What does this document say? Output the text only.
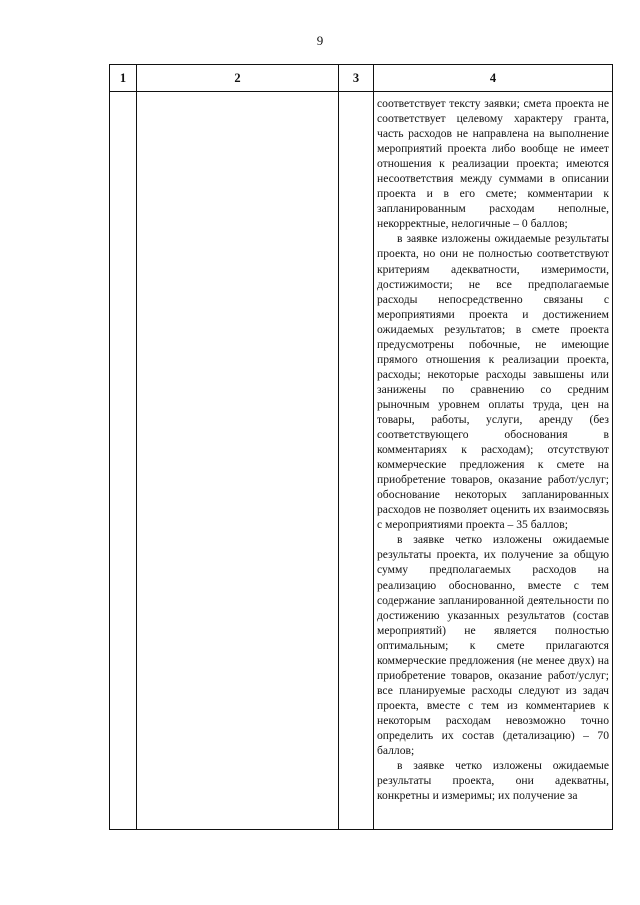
9
1	2	3	4

			соответствует тексту заявки; смета проекта не соответствует целевому характеру гранта, часть расходов не направлена на выполнение мероприятий проекта либо вообще не имеет отношения к реализации проекта; имеются несоответствия между суммами в описании проекта и в его смете; комментарии к запланированным расходам неполные, некорректные, нелогичные – 0 баллов;

в заявке изложены ожидаемые результаты проекта, но они не полностью соответствуют критериям адекватности, измеримости, достижимости; не все предполагаемые расходы непосредственно связаны с мероприятиями проекта и достижением ожидаемых результатов; в смете проекта предусмотрены побочные, не имеющие прямого отношения к реализации проекта, расходы; некоторые расходы завышены или занижены по сравнению со средним рыночным уровнем оплаты труда, цен на товары, работы, услуги, аренду (без соответствующего обоснования в комментариях к расходам); отсутствуют коммерческие предложения к смете на приобретение товаров, оказание работ/услуг; обоснование некоторых запланированных расходов не позволяет оценить их взаимосвязь с мероприятиями проекта – 35 баллов;

в заявке четко изложены ожидаемые результаты проекта, их получение за общую сумму предполагаемых расходов на реализацию обоснованно, вместе с тем содержание запланированной деятельности по достижению указанных результатов (состав мероприятий) не является полностью оптимальным; к смете прилагаются коммерческие предложения (не менее двух) на приобретение товаров, оказание работ/услуг; все планируемые расходы следуют из задач проекта, вместе с тем из комментариев к некоторым расходам невозможно точно определить их состав (детализацию) – 70 баллов;

в заявке четко изложены ожидаемые результаты проекта, они адекватны, конкретны и измеримы; их получение за
